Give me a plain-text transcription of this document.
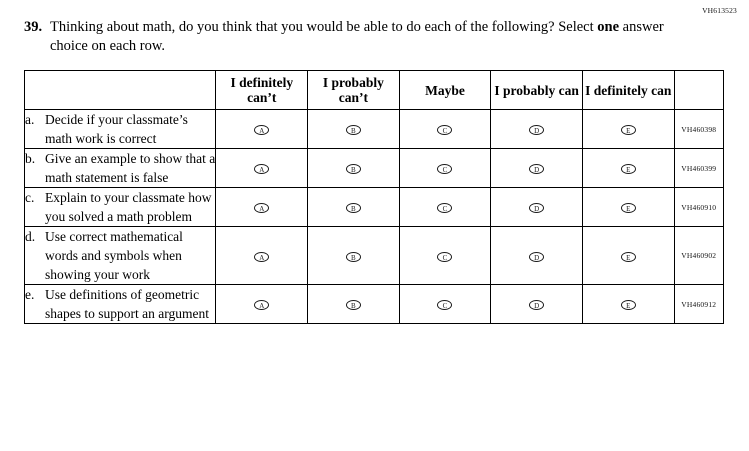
VH613523
39. Thinking about math, do you think that you would be able to do each of the following? Select one answer choice on each row.
	I definitely can’t	I probably can’t	Maybe	I probably can	I definitely can	

a. Decide if your classmate’s math work is correct	A	B	C	D	E	VH460398

b. Give an example to show that a math statement is false	A	B	C	D	E	VH460399

c. Explain to your classmate how you solved a math problem	A	B	C	D	E	VH460910

d. Use correct mathematical words and symbols when showing your work	A	B	C	D	E	VH460902

e. Use definitions of geometric shapes to support an argument	A	B	C	D	E	VH460912
